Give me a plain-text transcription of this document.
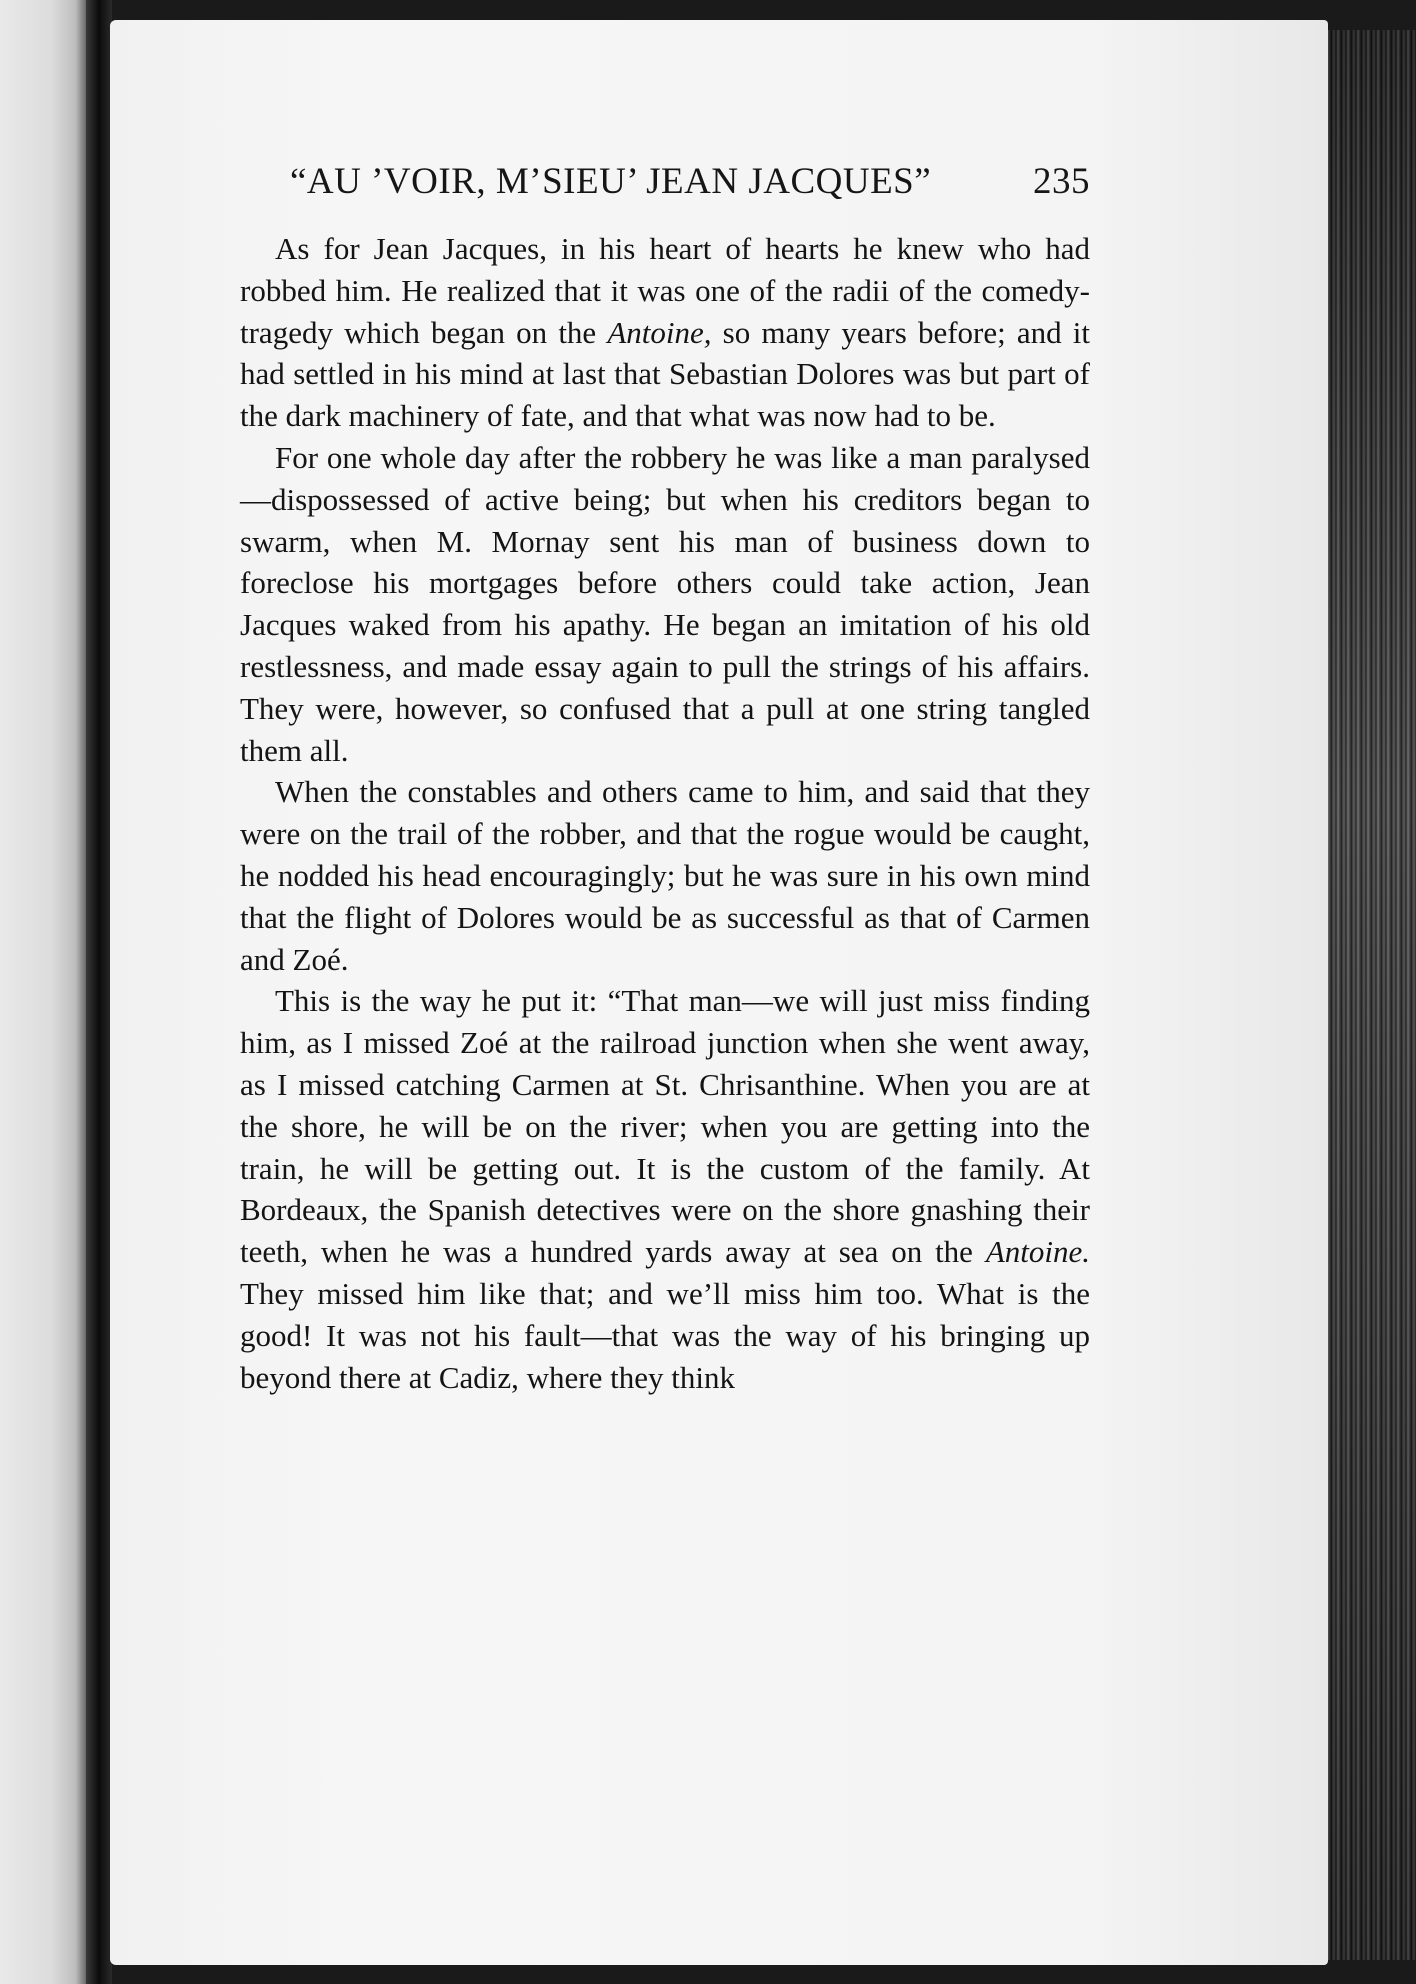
“AU ’VOIR, M’SIEU’ JEAN JACQUES”	235

As for Jean Jacques, in his heart of hearts he knew who had robbed him. He realized that it was one of the radii of the comedy-tragedy which began on the Antoine, so many years before; and it had settled in his mind at last that Sebastian Dolores was but part of the dark machinery of fate, and that what was now had to be.

For one whole day after the robbery he was like a man paralysed—dispossessed of active being; but when his creditors began to swarm, when M. Mornay sent his man of business down to foreclose his mortgages before others could take action, Jean Jacques waked from his apathy. He began an imitation of his old restlessness, and made essay again to pull the strings of his affairs. They were, however, so confused that a pull at one string tangled them all.

When the constables and others came to him, and said that they were on the trail of the robber, and that the rogue would be caught, he nodded his head encouragingly; but he was sure in his own mind that the flight of Dolores would be as successful as that of Carmen and Zoé.

This is the way he put it: “That man—we will just miss finding him, as I missed Zoé at the railroad junction when she went away, as I missed catching Carmen at St. Chrisanthine. When you are at the shore, he will be on the river; when you are getting into the train, he will be getting out. It is the custom of the family. At Bordeaux, the Spanish detectives were on the shore gnashing their teeth, when he was a hundred yards away at sea on the Antoine. They missed him like that; and we’ll miss him too. What is the good! It was not his fault—that was the way of his bringing up beyond there at Cadiz, where they think
